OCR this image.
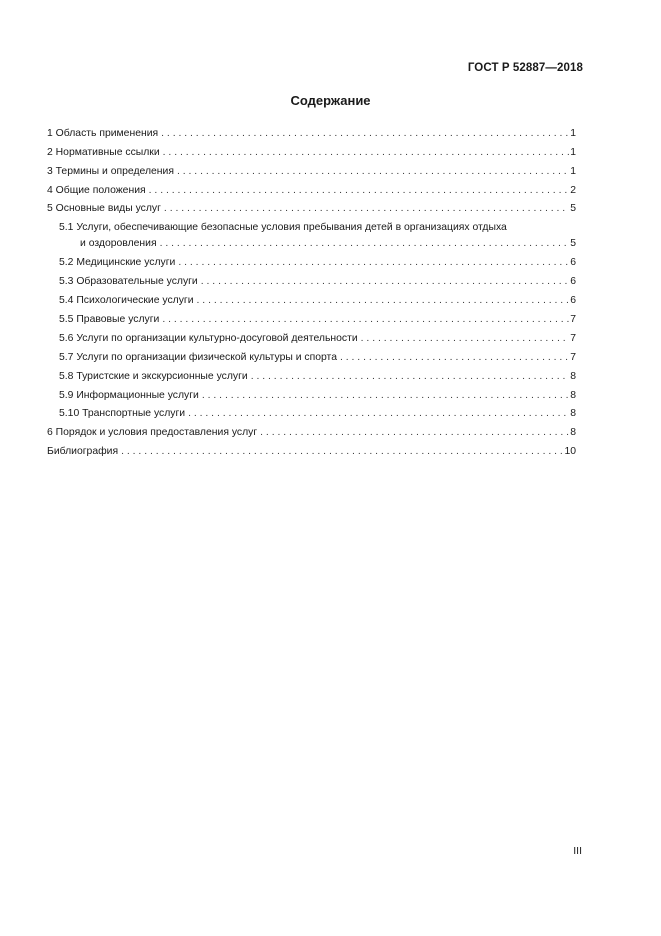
ГОСТ Р 52887—2018
Содержание
1 Область применения . . .	1
2 Нормативные ссылки . . .	1
3 Термины и определения . . .	1
4 Общие положения . . .	2
5 Основные виды услуг . . .	5
5.1 Услуги, обеспечивающие безопасные условия пребывания детей в организациях отдыха
и оздоровления . . .	5
5.2 Медицинские услуги . . .	6
5.3 Образовательные услуги . . .	6
5.4 Психологические услуги . . .	6
5.5 Правовые услуги . . .	7
5.6 Услуги по организации культурно-досуговой деятельности . . .	7
5.7 Услуги по организации физической культуры и спорта . . .	7
5.8 Туристские и экскурсионные услуги . . .	8
5.9 Информационные услуги . . .	8
5.10 Транспортные услуги . . .	8
6 Порядок и условия предоставления услуг . . .	8
Библиография . . .	10
III
